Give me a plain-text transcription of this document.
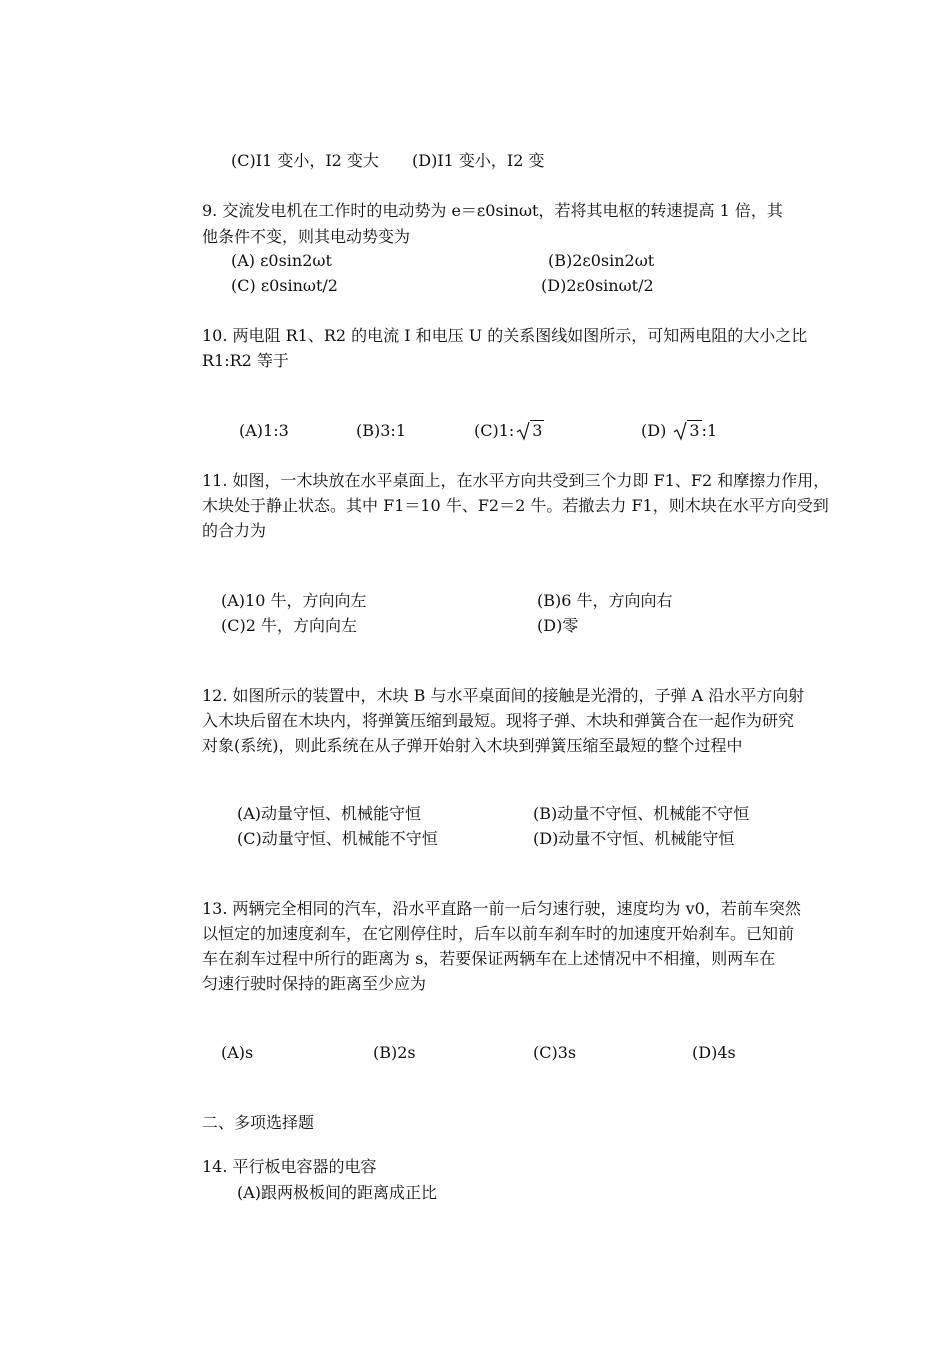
(C)I1 变小，I2 变大 (D)I1 变小，I2 变
9. 交流发电机在工作时的电动势为 e＝ε0sinωt，若将其电枢的转速提高 1 倍，其
他条件不变，则其电动势变为
(A) ε0sin2ωt	(B)2ε0sin2ωt
(C) ε0sinωt/2	(D)2ε0sinωt/2
10. 两电阻 R1、R2 的电流 I 和电压 U 的关系图线如图所示，可知两电阻的大小之比
R1:R2 等于
(A)1:3	(B)3:1	(C)1: 3	(D) 3 :1
11. 如图，一木块放在水平桌面上，在水平方向共受到三个力即 F1、F2 和摩擦力作用，
木块处于静止状态。其中 F1＝10 牛、F2＝2 牛。若撤去力 F1，则木块在水平方向受到
的合力为
(A)10 牛，方向向左	(B)6 牛，方向向右
(C)2 牛，方向向左	(D)零
12. 如图所示的装置中，木块 B 与水平桌面间的接触是光滑的，子弹 A 沿水平方向射
入木块后留在木块内，将弹簧压缩到最短。现将子弹、木块和弹簧合在一起作为研究
对象(系统)，则此系统在从子弹开始射入木块到弹簧压缩至最短的整个过程中
(A)动量守恒、机械能守恒	(B)动量不守恒、机械能不守恒
(C)动量守恒、机械能不守恒	(D)动量不守恒、机械能守恒
13. 两辆完全相同的汽车，沿水平直路一前一后匀速行驶，速度均为 v0，若前车突然
以恒定的加速度刹车，在它刚停住时，后车以前车刹车时的加速度开始刹车。已知前
车在刹车过程中所行的距离为 s，若要保证两辆车在上述情况中不相撞，则两车在
匀速行驶时保持的距离至少应为
(A)s	(B)2s	(C)3s	(D)4s
二、多项选择题
14. 平行板电容器的电容
(A)跟两极板间的距离成正比
